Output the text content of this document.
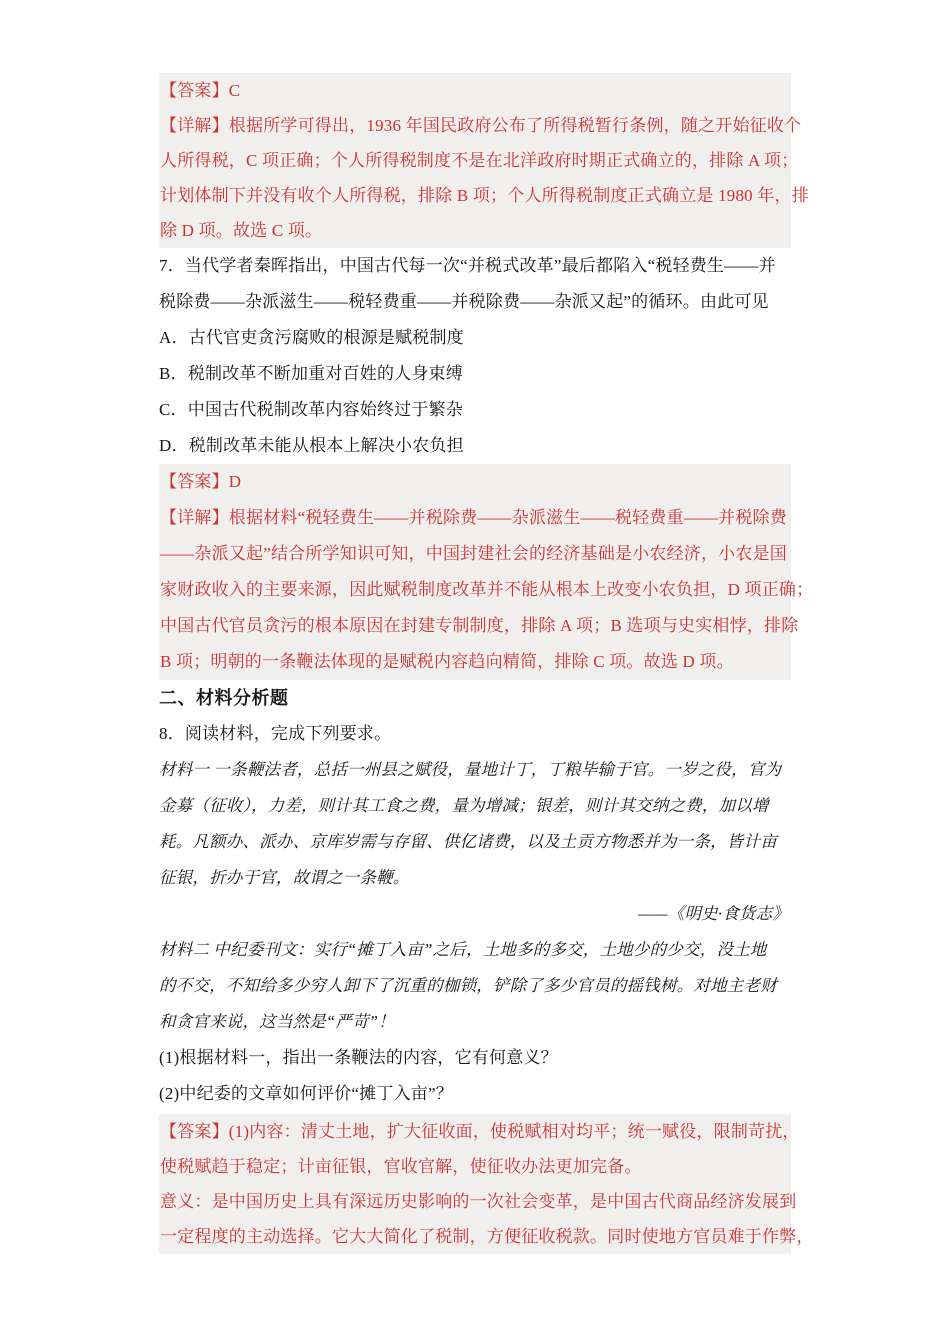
【答案】C
【详解】根据所学可得出，1936 年国民政府公布了所得税暂行条例，随之开始征收个
人所得税，C 项正确；个人所得税制度不是在北洋政府时期正式确立的，排除 A 项；
计划体制下并没有收个人所得税，排除 B 项；个人所得税制度正式确立是 1980 年，排
除 D 项。故选 C 项。
7．当代学者秦晖指出，中国古代每一次“并税式改革”最后都陷入“税轻费生——并
税除费——杂派滋生——税轻费重——并税除费——杂派又起”的循环。由此可见
A．古代官吏贪污腐败的根源是赋税制度
B．税制改革不断加重对百姓的人身束缚
C．中国古代税制改革内容始终过于繁杂
D．税制改革未能从根本上解决小农负担
【答案】D
【详解】根据材料“税轻费生——并税除费——杂派滋生——税轻费重——并税除费
——杂派又起”结合所学知识可知，中国封建社会的经济基础是小农经济，小农是国
家财政收入的主要来源，因此赋税制度改革并不能从根本上改变小农负担，D 项正确；
中国古代官员贪污的根本原因在封建专制制度，排除 A 项；B 选项与史实相悖，排除
B 项；明朝的一条鞭法体现的是赋税内容趋向精简，排除 C 项。故选 D 项。
二、材料分析题
8．阅读材料，完成下列要求。
材料一 一条鞭法者，总括一州县之赋役，量地计丁，丁粮毕输于官。一岁之役，官为
金募（征收），力差，则计其工食之费，量为增减；银差，则计其交纳之费，加以增
耗。凡额办、派办、京库岁需与存留、供亿诸费，以及土贡方物悉并为一条，皆计亩
征银，折办于官，故谓之一条鞭。
——《明史·食货志》
材料二 中纪委刊文：实行“摊丁入亩”之后，土地多的多交，土地少的少交，没土地
的不交，不知给多少穷人卸下了沉重的枷锁，铲除了多少官员的摇钱树。对地主老财
和贪官来说，这当然是“严苛”！
(1)根据材料一，指出一条鞭法的内容，它有何意义？
(2)中纪委的文章如何评价“摊丁入亩”？
【答案】(1)内容：清丈土地，扩大征收面，使税赋相对均平；统一赋役，限制苛扰，
使税赋趋于稳定；计亩征银，官收官解，使征收办法更加完备。
意义：是中国历史上具有深远历史影响的一次社会变革，是中国古代商品经济发展到
一定程度的主动选择。它大大简化了税制，方便征收税款。同时使地方官员难于作弊，
